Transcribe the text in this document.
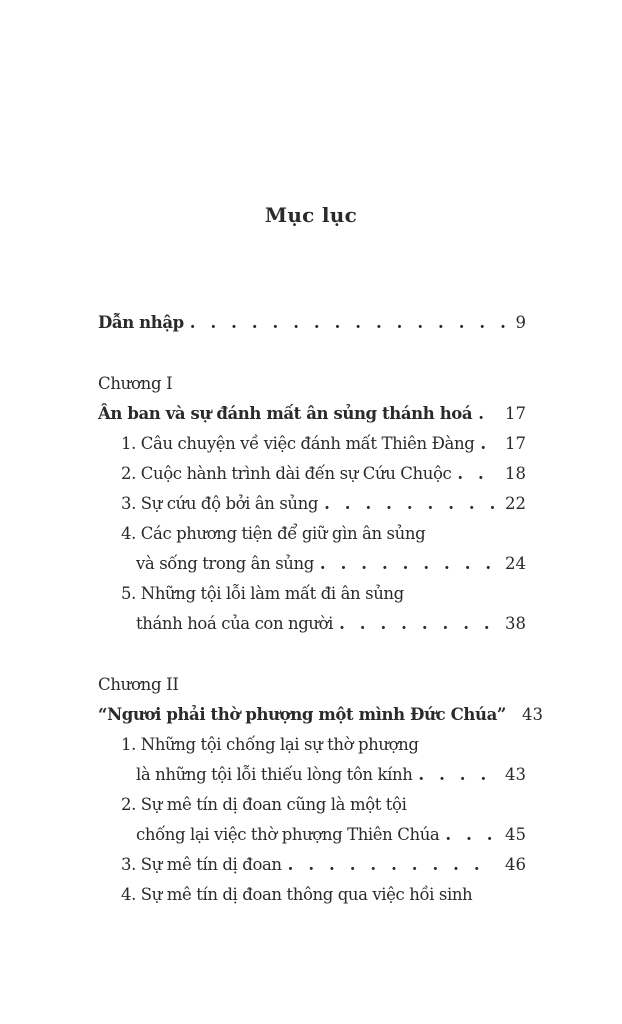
Mục lục
Dẫn nhập . . .	9
Chương I
Ân ban và sự đánh mất ân sủng thánh hoá . . . 17
1. Câu chuyện về việc đánh mất Thiên Đàng . . . 17
2. Cuộc hành trình dài đến sự Cứu Chuộc . . .	18
3. Sự cứu độ bởi ân sủng . . .	22
4. Các phương tiện để giữ gìn ân sủng
và sống trong ân sủng . . .	24
5. Những tội lỗi làm mất đi ân sủng
thánh hoá của con người . . .	38
Chương II
“Ngươi phải thờ phượng một mình Đức Chúa” 43
1. Những tội chống lại sự thờ phượng
là những tội lỗi thiếu lòng tôn kính . . .	43
2. Sự mê tín dị đoan cũng là một tội
chống lại việc thờ phượng Thiên Chúa . . .	45
3. Sự mê tín dị đoan . . .	46
4. Sự mê tín dị đoan thông qua việc hồi sinh
